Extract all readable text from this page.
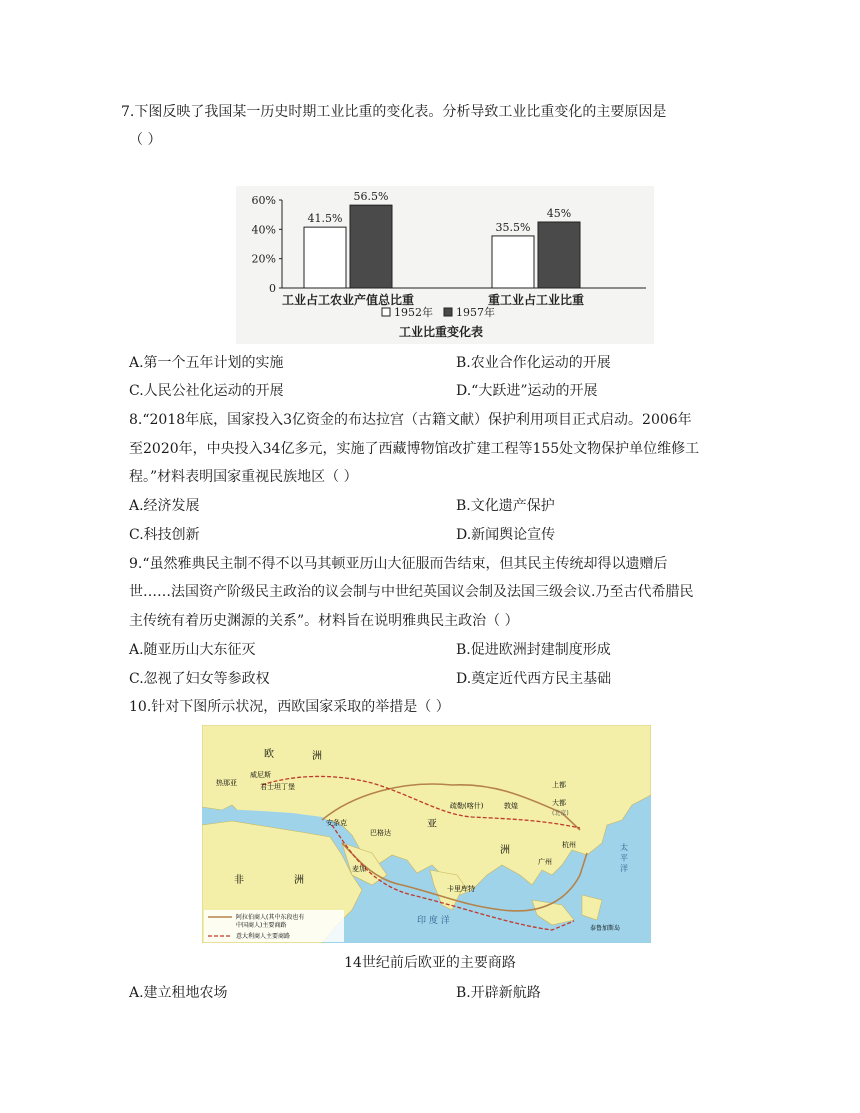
7.下图反映了我国某一历史时期工业比重的变化表。分析导致工业比重变化的主要原因是
（ ）
0
20%
40%
60%
41.5%
56.5%
工业占工农业产值总比重
35.5%
45%
重工业占工业比重
1952年 1957年
工业比重变化表
A.第一个五年计划的实施	B.农业合作化运动的开展
C.人民公社化运动的开展	D.“大跃进”运动的开展
8.“2018年底，国家投入3亿资金的布达拉宫（古籍文献）保护利用项目正式启动。2006年
至2020年，中央投入34亿多元，实施了西藏博物馆改扩建工程等155处文物保护单位维修工
程。”材料表明国家重视民族地区（ ）
A.经济发展	B.文化遗产保护
C.科技创新	D.新闻舆论宣传
9.“虽然雅典民主制不得不以马其顿亚历山大征服而告结束，但其民主传统却得以遗赠后
世……法国资产阶级民主政治的议会制与中世纪英国议会制及法国三级会议.乃至古代希腊民
主传统有着历史渊源的关系”。材料旨在说明雅典民主政治（ ）
A.随亚历山大东征灭	B.促进欧洲封建制度形成
C.忽视了妇女等参政权	D.奠定近代西方民主基础
10.针对下图所示状况，西欧国家采取的举措是（ ）
欧	洲
热那亚
威尼斯
君士坦丁堡
安条克
巴格达
麦加
疏勒(喀什)	敦煌
上都
大都
(北京)
杭州
广州
卡里库特
亚
洲
非	洲
印 度 洋
太 平 洋
泰鲁加斯岛
阿拉伯商人(其中东段也有
中国商人)主要商路
意大利商人主要商路
14世纪前后欧亚的主要商路
A.建立租地农场	B.开辟新航路
